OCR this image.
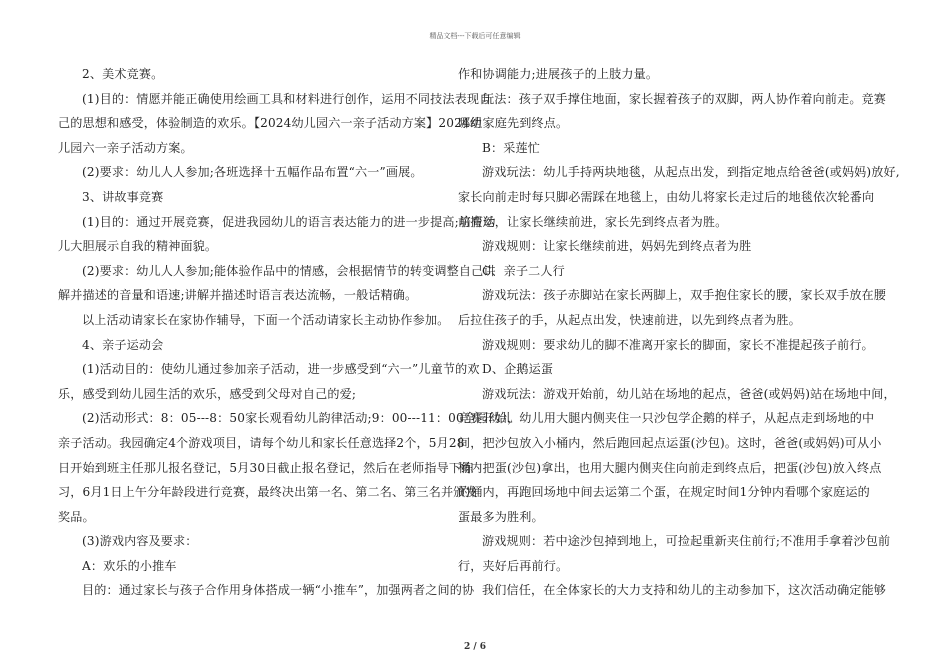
精品文档---下载后可任意编辑
2、美术竞赛。
(1)目的：情愿并能正确使用绘画工具和材料进行创作，运用不同技法表现自
己的思想和感受，体验制造的欢乐。【2024幼儿园六一亲子活动方案】2024幼
儿园六一亲子活动方案。
(2)要求：幼儿人人参加;各班选择十五幅作品布置“六一”画展。
3、讲故事竞赛
(1)目的：通过开展竞赛，促进我园幼儿的语言表达能力的进一步提高;培育幼
儿大胆展示自我的精神面貌。
(2)要求：幼儿人人参加;能体验作品中的情感，会根据情节的转变调整自己讲
解并描述的音量和语速;讲解并描述时语言表达流畅，一般话精确。
以上活动请家长在家协作辅导，下面一个活动请家长主动协作参加。
4、亲子运动会
(1)活动目的：使幼儿通过参加亲子活动，进一步感受到“六一”儿童节的欢
乐，感受到幼儿园生活的欢乐，感受到父母对自己的爱;
(2)活动形式：8：05---8：50家长观看幼儿韵律活动;9：00---11：00全园幼儿
亲子活动。我园确定4个游戏项目，请每个幼儿和家长任意选择2个，5月28
日开始到班主任那儿报名登记，5月30日截止报名登记，然后在老师指导下练
习，6月1日上午分年龄段进行竞赛，最终决出第一名、第二名、第三名并颁发
奖品。
(3)游戏内容及要求：
A：欢乐的小推车
目的：通过家长与孩子合作用身体搭成一辆“小推车”，加强两者之间的协
作和协调能力;进展孩子的上肢力量。
玩法：孩子双手撑住地面，家长握着孩子的双脚，两人协作着向前走。竞赛
哪组家庭先到终点。
B：采莲忙
游戏玩法：幼儿手持两块地毯，从起点出发，到指定地点给爸爸(或妈妈)放好,
家长向前走时每只脚必需踩在地毯上，由幼儿将家长走过后的地毯依次轮番向
前搬运，让家长继续前进，家长先到终点者为胜。
游戏规则：让家长继续前进，妈妈先到终点者为胜
C、亲子二人行
游戏玩法：孩子赤脚站在家长两脚上，双手抱住家长的腰，家长双手放在腰
后拉住孩子的手，从起点出发，快速前进，以先到终点者为胜。
游戏规则：要求幼儿的脚不准离开家长的脚面，家长不准提起孩子前行。
D、企鹅运蛋
游戏玩法：游戏开始前，幼儿站在场地的起点，爸爸(或妈妈)站在场地中间，
竞赛开始，幼儿用大腿内侧夹住一只沙包学企鹅的样子，从起点走到场地的中
间，把沙包放入小桶内，然后跑回起点运蛋(沙包)。这时，爸爸(或妈妈)可从小
桶内把蛋(沙包)拿出，也用大腿内侧夹住向前走到终点后，把蛋(沙包)放入终点
的桶内，再跑回场地中间去运第二个蛋，在规定时间1分钟内看哪个家庭运的
蛋最多为胜利。
游戏规则：若中途沙包掉到地上，可捡起重新夹住前行;不准用手拿着沙包前
行，夹好后再前行。
我们信任，在全体家长的大力支持和幼儿的主动参加下，这次活动确定能够
2 / 6
